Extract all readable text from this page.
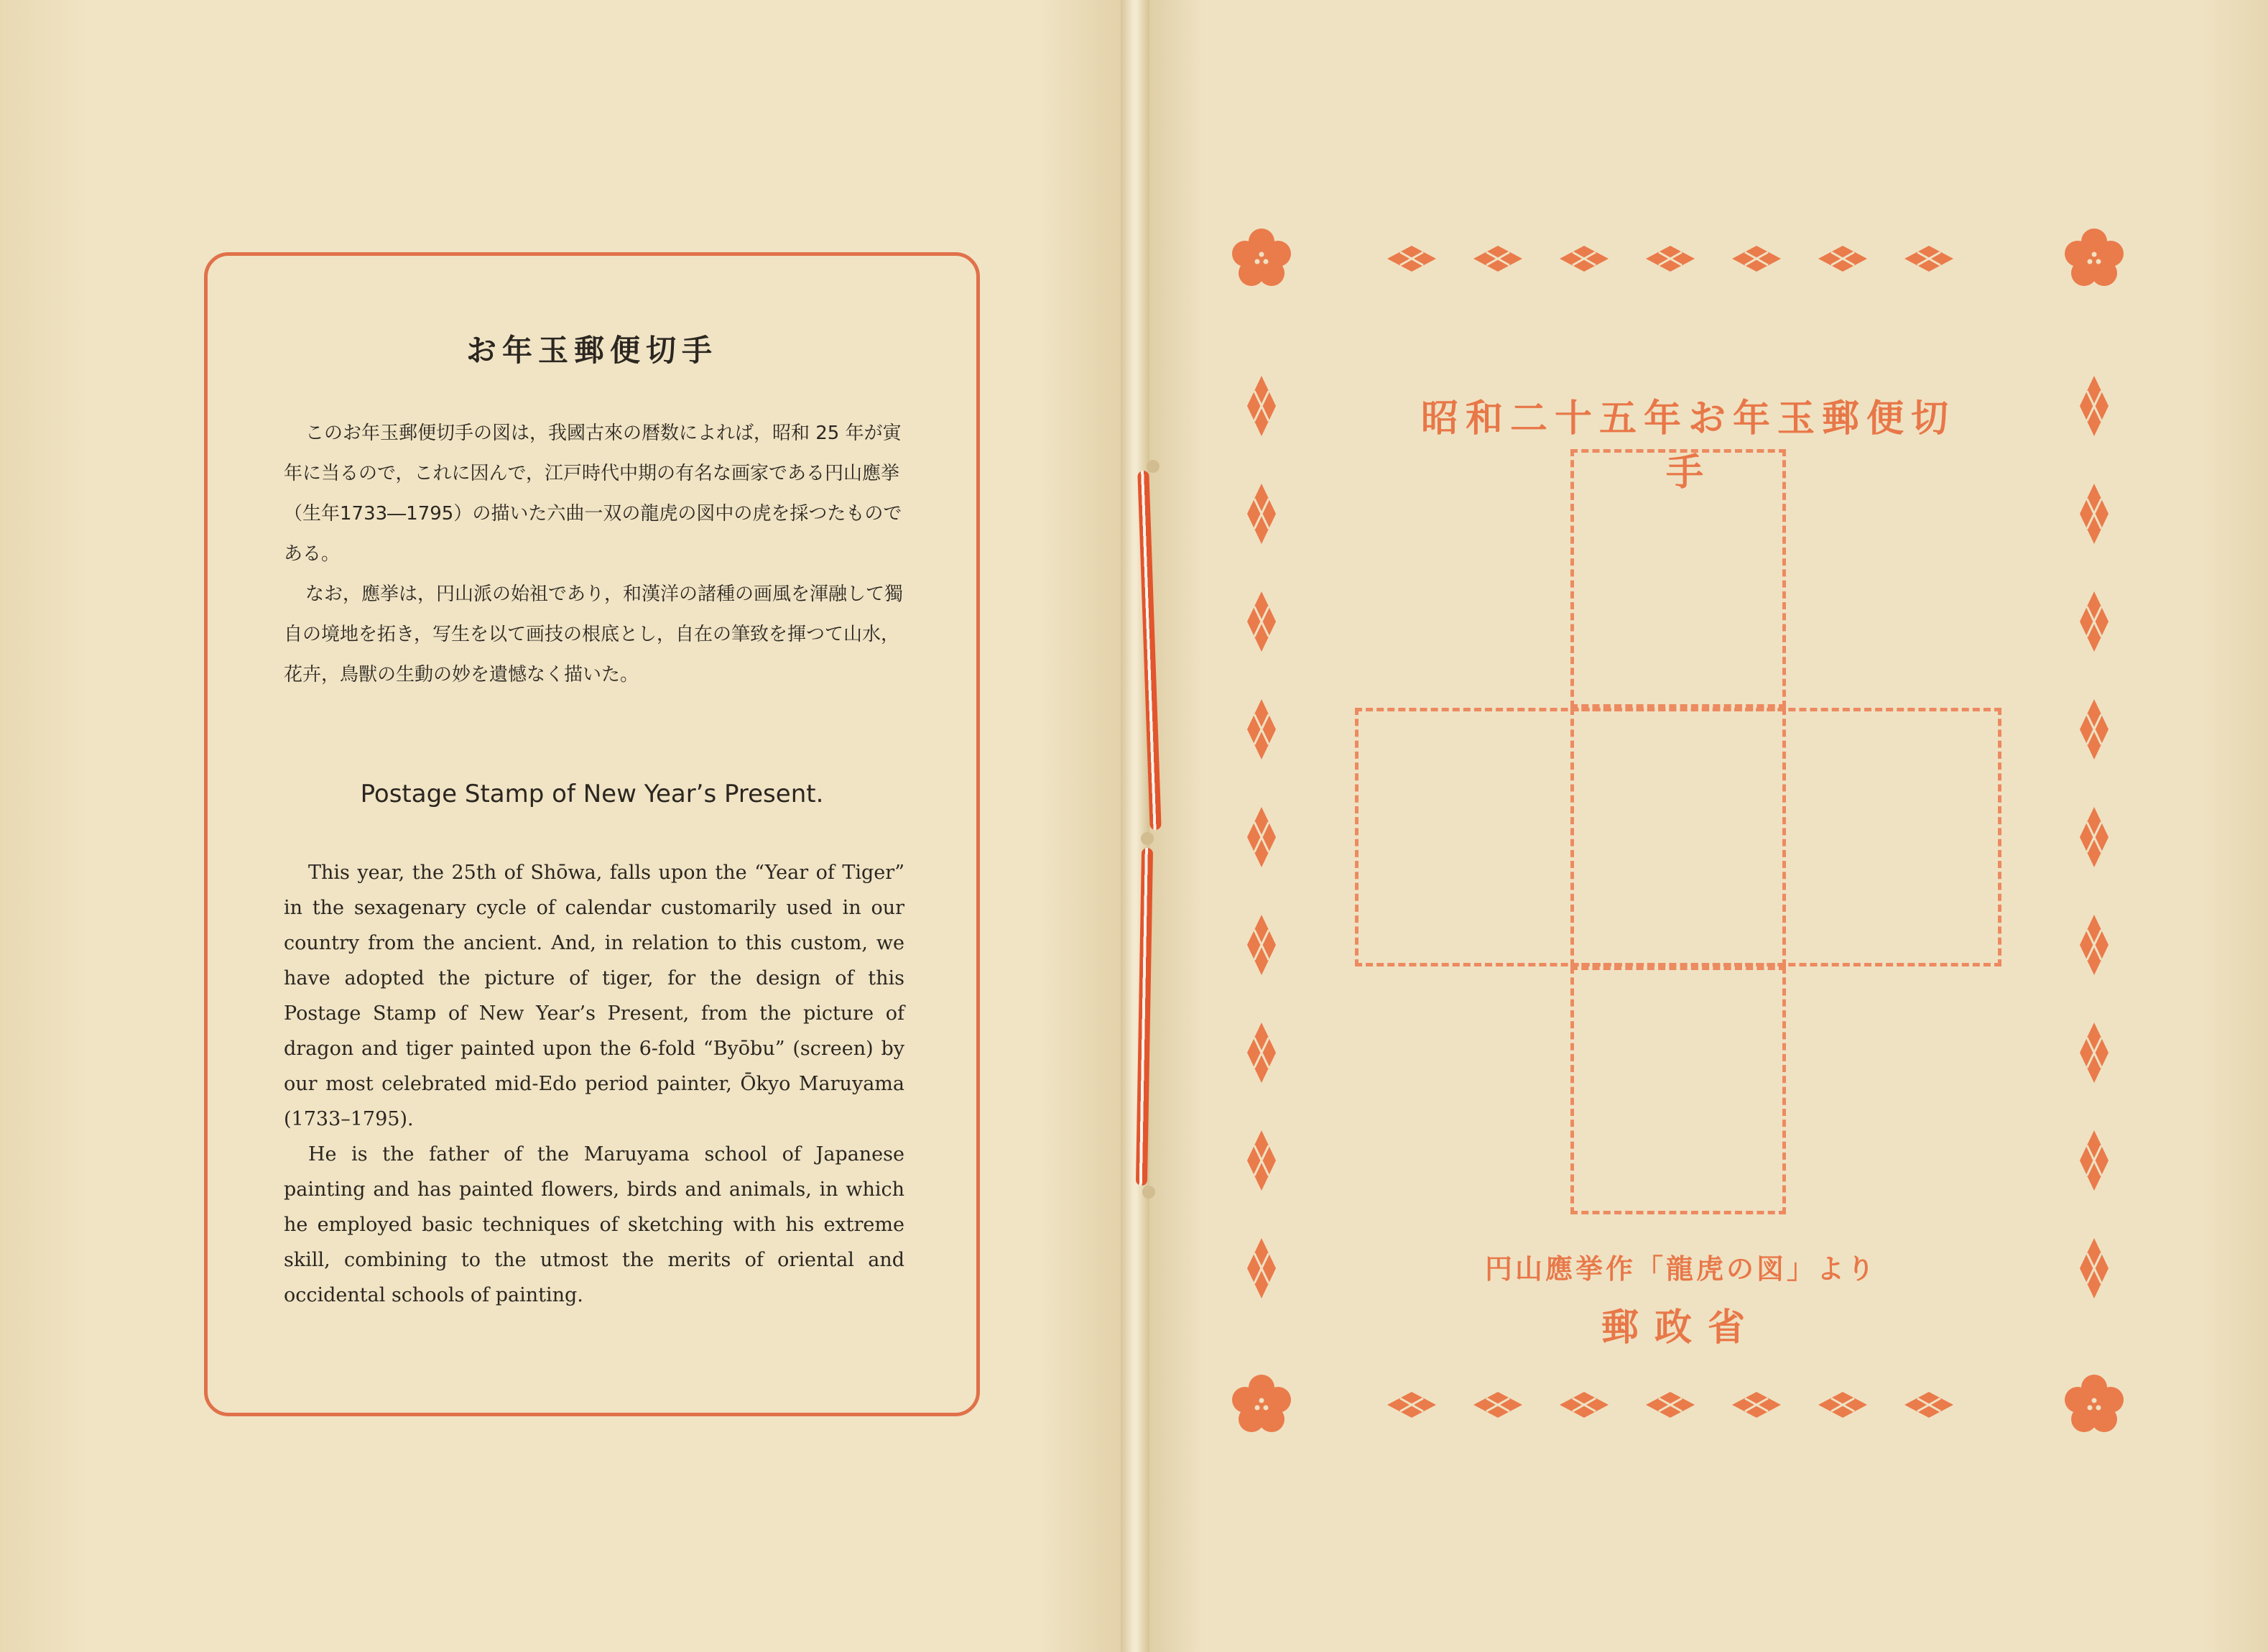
お年玉郵便切手

このお年玉郵便切手の図は，我國古來の暦数によれば，昭和 25 年が寅年に当るので，これに因んで，江戸時代中期の有名な画家である円山應挙（生年1733―1795）の描いた六曲一双の龍虎の図中の虎を採つたものである。

なお，應挙は，円山派の始祖であり，和漢洋の諸種の画風を渾融して獨自の境地を拓き，写生を以て画技の根底とし，自在の筆致を揮つて山水，花卉，鳥獸の生動の妙を遺憾なく描いた。

Postage Stamp of New Year’s Present.

This year, the 25th of Shōwa, falls upon the “Year of Tiger” in the sexagenary cycle of calendar customarily used in our country from the ancient. And, in relation to this custom, we have adopted the picture of tiger, for the design of this Postage Stamp of New Year’s Present, from the picture of dragon and tiger painted upon the 6-fold “Byōbu” (screen) by our most celebrated mid-Edo period painter, Ōkyo Maruyama (1733–1795).

He is the father of the Maruyama school of Japanese painting and has painted flowers, birds and animals, in which he employed basic techniques of sketching with his extreme skill, combining to the utmost the merits of oriental and occidental schools of painting.

昭和二十五年お年玉郵便切手
円山應挙作「龍虎の図」より
郵政省
